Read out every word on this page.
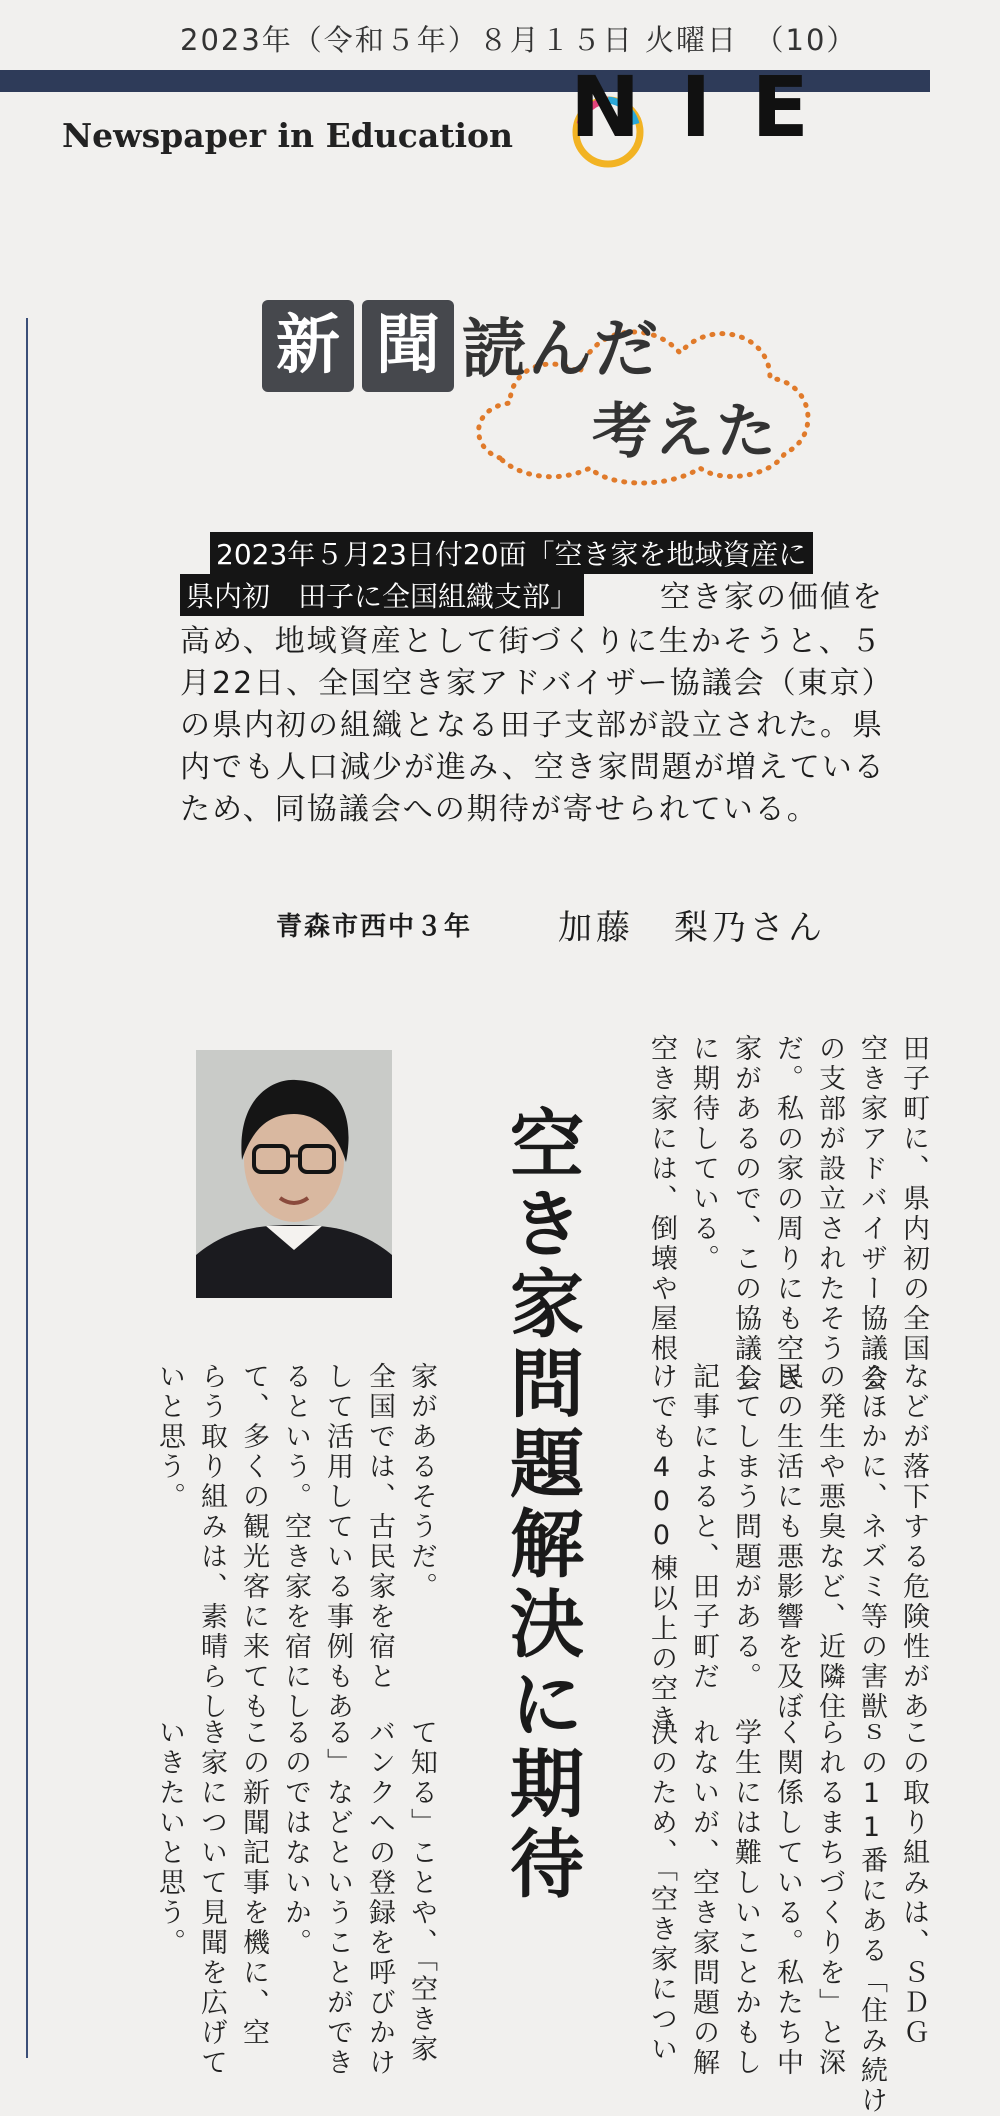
2023年（令和５年）８月１５日 火曜日　（10）
Newspaper in Education NIE
新 聞 読んだ
考えた
2023年５月23日付20面「空き家を地域資産に
県内初　田子に全国組織支部」	空き家の価値を
高め、地域資産として街づくりに生かそうと、５
月22日、全国空き家アドバイザー協議会（東京）
の県内初の組織となる田子支部が設立された。県
内でも人口減少が進み、空き家問題が増えている
ため、同協議会への期待が寄せられている。
青森市西中３年	加藤 梨乃さん
空き家問題解決に期待	田子町に、県内初の全国
空き家アドバイザー協議会
の支部が設立されたそう
だ。私の家の周りにも空き
家があるので、この協議会
に期待している。
空き家には、倒壊や屋根
などが落下する危険性があ
るほかに、ネズミ等の害獣
の発生や悪臭など、近隣住
民の生活にも悪影響を及ぼ
してしまう問題がある。
記事によると、田子町だ
けでも400棟以上の空き
家があるそうだ。
全国では、古民家を宿と
して活用している事例もあ
るという。空き家を宿にし
て、多くの観光客に来ても
らう取り組みは、素晴らし
いと思う。
この取り組みは、ＳＤＧ
ｓの11番にある「住み続け
られるまちづくりを」と深
く関係している。私たち中
学生には難しいことかもし
れないが、空き家問題の解
決のため、「空き家につい
て知る」ことや、「空き家
バンクへの登録を呼びかけ
る」などということができ
るのではないか。
この新聞記事を機に、空
き家について見聞を広げて
いきたいと思う。
